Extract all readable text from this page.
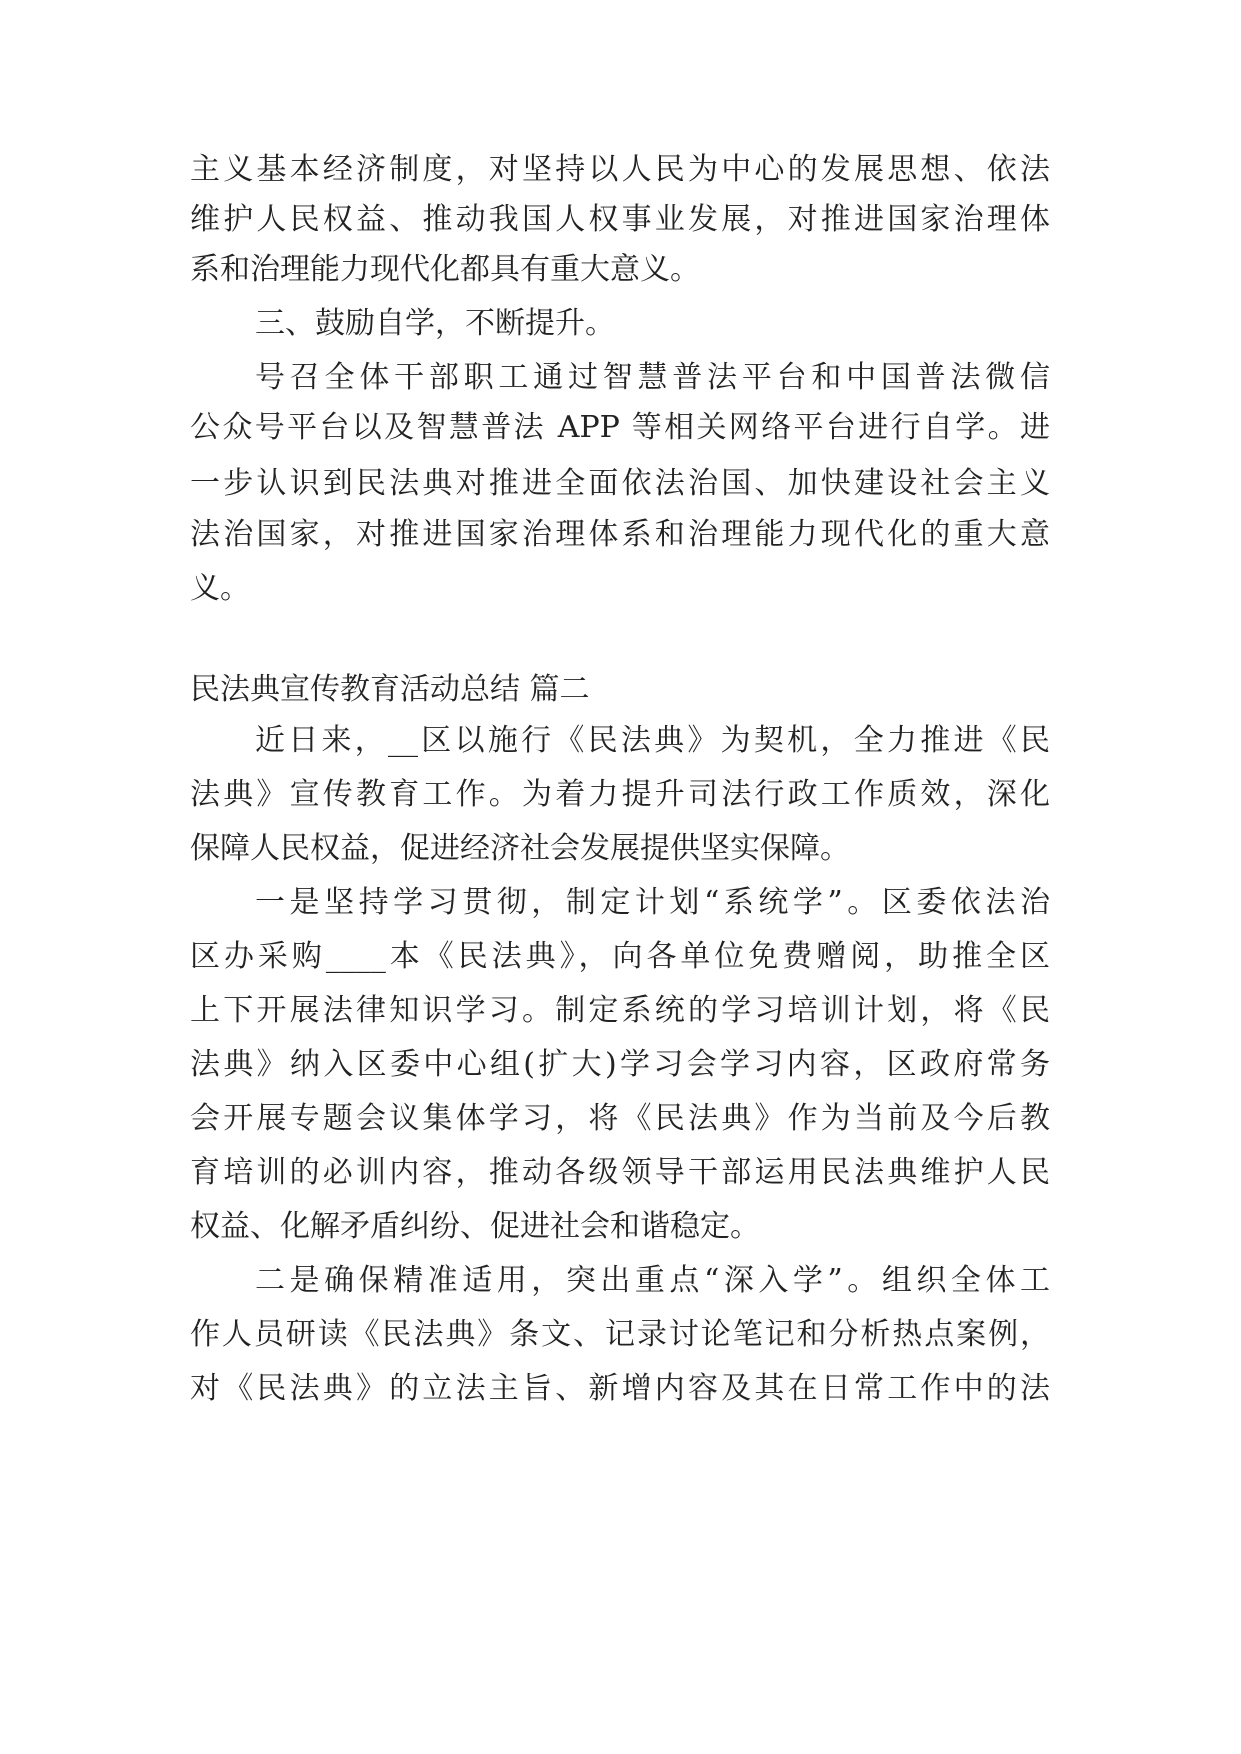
主义基本经济制度，对坚持以人民为中心的发展思想、依法
维护人民权益、推动我国人权事业发展，对推进国家治理体
系和治理能力现代化都具有重大意义。
三、鼓励自学，不断提升。
号召全体干部职工通过智慧普法平台和中国普法微信
公众号平台以及智慧普法 APP 等相关网络平台进行自学。进
一步认识到民法典对推进全面依法治国、加快建设社会主义
法治国家，对推进国家治理体系和治理能力现代化的重大意
义。
民法典宣传教育活动总结 篇二
近日来，__区以施行《民法典》为契机，全力推进《民
法典》宣传教育工作。为着力提升司法行政工作质效，深化
保障人民权益，促进经济社会发展提供坚实保障。
一是坚持学习贯彻，制定计划“系统学”。区委依法治
区办采购____本《民法典》，向各单位免费赠阅，助推全区
上下开展法律知识学习。制定系统的学习培训计划，将《民
法典》纳入区委中心组(扩大)学习会学习内容，区政府常务
会开展专题会议集体学习，将《民法典》作为当前及今后教
育培训的必训内容，推动各级领导干部运用民法典维护人民
权益、化解矛盾纠纷、促进社会和谐稳定。
二是确保精准适用，突出重点“深入学”。组织全体工
作人员研读《民法典》条文、记录讨论笔记和分析热点案例，
对《民法典》的立法主旨、新增内容及其在日常工作中的法
